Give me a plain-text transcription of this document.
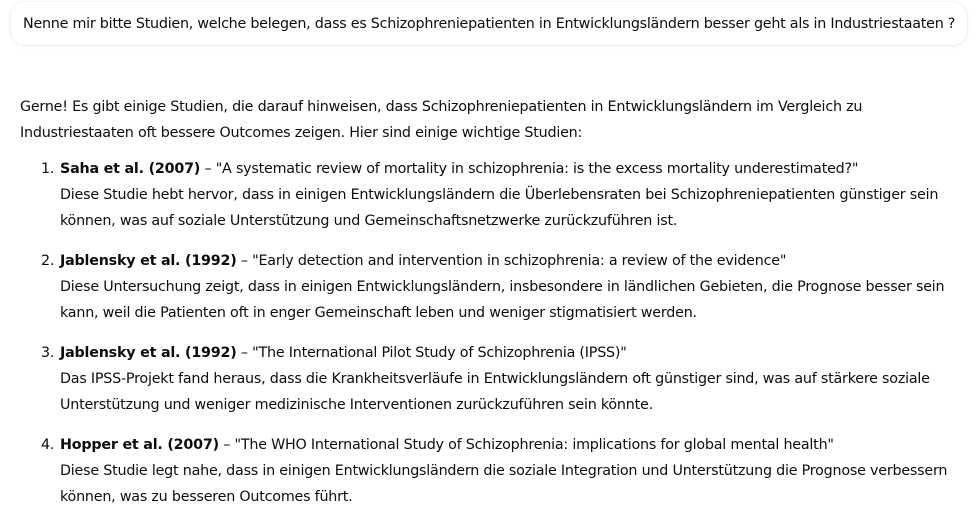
Nenne mir bitte Studien, welche belegen, dass es Schizophreniepatienten in Entwicklungsländern besser geht als in Industriestaaten ?

Gerne! Es gibt einige Studien, die darauf hinweisen, dass Schizophreniepatienten in Entwicklungsländern im Vergleich zu Industriestaaten oft bessere Outcomes zeigen. Hier sind einige wichtige Studien:

1. Saha et al. (2007) – "A systematic review of mortality in schizophrenia: is the excess mortality underestimated?"
Diese Studie hebt hervor, dass in einigen Entwicklungsländern die Überlebensraten bei Schizophreniepatienten günstiger sein können, was auf soziale Unterstützung und Gemeinschaftsnetzwerke zurückzuführen ist.
2. Jablensky et al. (1992) – "Early detection and intervention in schizophrenia: a review of the evidence"
Diese Untersuchung zeigt, dass in einigen Entwicklungsländern, insbesondere in ländlichen Gebieten, die Prognose besser sein kann, weil die Patienten oft in enger Gemeinschaft leben und weniger stigmatisiert werden.
3. Jablensky et al. (1992) – "The International Pilot Study of Schizophrenia (IPSS)"
Das IPSS-Projekt fand heraus, dass die Krankheitsverläufe in Entwicklungsländern oft günstiger sind, was auf stärkere soziale Unterstützung und weniger medizinische Interventionen zurückzuführen sein könnte.
4. Hopper et al. (2007) – "The WHO International Study of Schizophrenia: implications for global mental health"
Diese Studie legt nahe, dass in einigen Entwicklungsländern die soziale Integration und Unterstützung die Prognose verbessern können, was zu besseren Outcomes führt.
